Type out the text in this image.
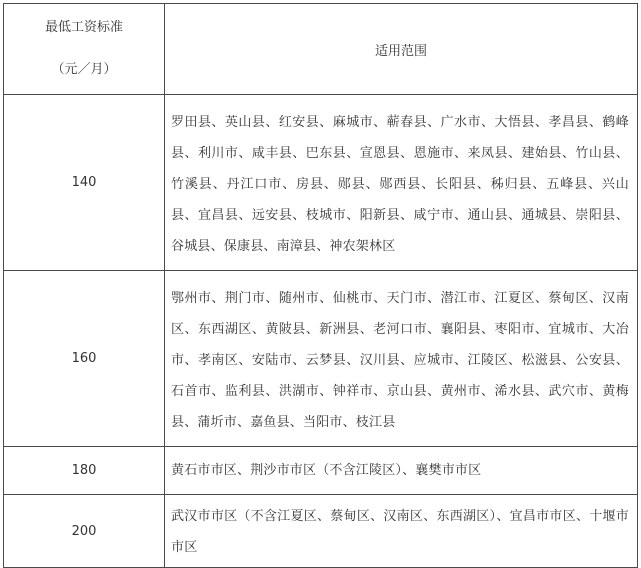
最低工资标准
（元／月）	适用范围
140	罗田县、英山县、红安县、麻城市、蕲春县、广水市、大悟县、孝昌县、鹤峰县、利川市、咸丰县、巴东县、宣恩县、恩施市、来凤县、建始县、竹山县、竹溪县、丹江口市、房县、郧县、郧西县、长阳县、秭归县、五峰县、兴山县、宜昌县、远安县、枝城市、阳新县、咸宁市、通山县、通城县、崇阳县、谷城县、保康县、南漳县、神农架林区
160	鄂州市、荆门市、随州市、仙桃市、天门市、潜江市、江夏区、蔡甸区、汉南区、东西湖区、黄陂县、新洲县、老河口市、襄阳县、枣阳市、宜城市、大冶市、孝南区、安陆市、云梦县、汉川县、应城市、江陵区、松滋县、公安县、石首市、监利县、洪湖市、钟祥市、京山县、黄州市、浠水县、武穴市、黄梅县、蒲圻市、嘉鱼县、当阳市、枝江县
180	黄石市市区、荆沙市市区（不含江陵区）、襄樊市市区
200	武汉市市区（不含江夏区、蔡甸区、汉南区、东西湖区）、宜昌市市区、十堰市市区
